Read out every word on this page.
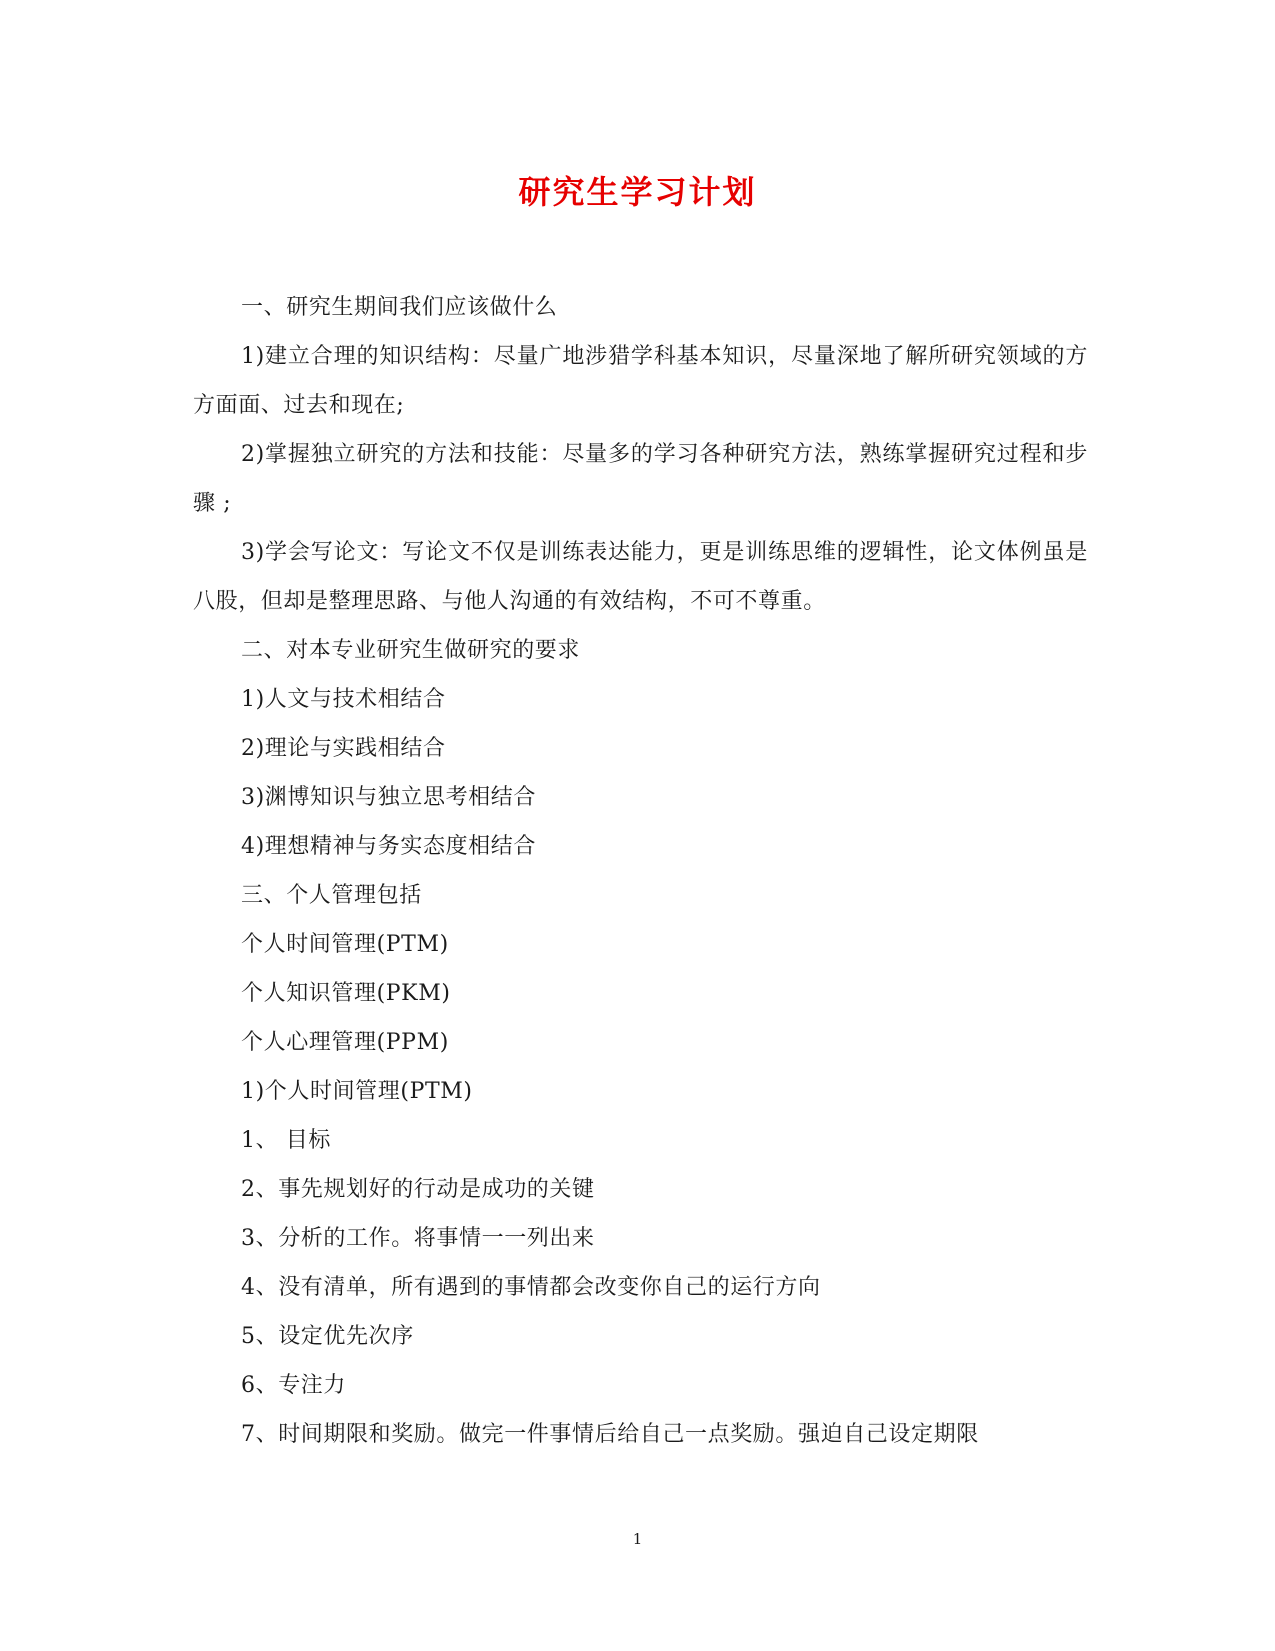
研究生学习计划

一、研究生期间我们应该做什么

1)建立合理的知识结构：尽量广地涉猎学科基本知识，尽量深地了解所研究领域的方方面面、过去和现在;

2)掌握独立研究的方法和技能：尽量多的学习各种研究方法，熟练掌握研究过程和步骤 ;

3)学会写论文：写论文不仅是训练表达能力，更是训练思维的逻辑性，论文体例虽是八股，但却是整理思路、与他人沟通的有效结构，不可不尊重。

二、对本专业研究生做研究的要求

1)人文与技术相结合

2)理论与实践相结合

3)渊博知识与独立思考相结合

4)理想精神与务实态度相结合

三、个人管理包括

个人时间管理(PTM)

个人知识管理(PKM)

个人心理管理(PPM)

1)个人时间管理(PTM)

1、 目标

2、事先规划好的行动是成功的关键

3、分析的工作。将事情一一列出来

4、没有清单，所有遇到的事情都会改变你自己的运行方向

5、设定优先次序

6、专注力

7、时间期限和奖励。做完一件事情后给自己一点奖励。强迫自己设定期限

1
